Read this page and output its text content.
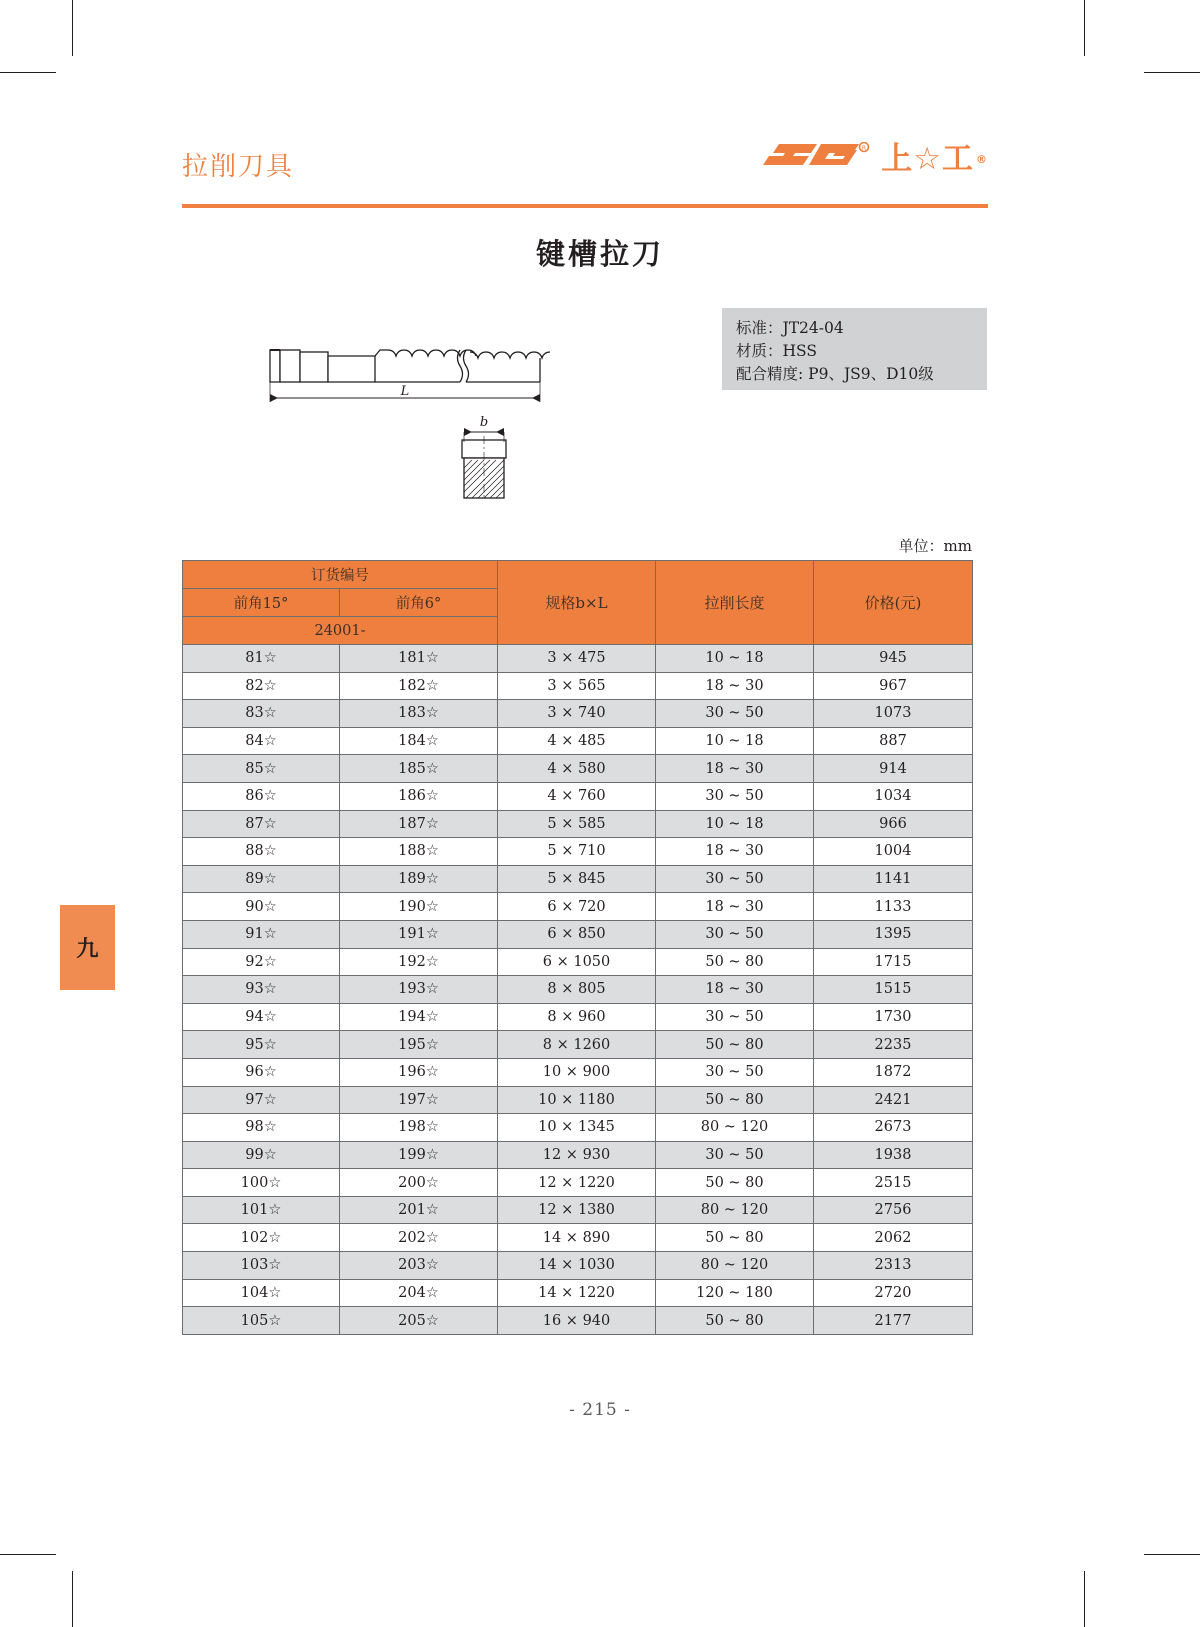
拉削刀具
R 上☆工 ®
键槽拉刀
L
b
标准：JT24-04
材质：HSS
配合精度: P9、JS9、D10级
单位：mm
订货编号		规格b×L	拉削长度	价格(元)
前角15°	前角6°			
24001-				
81☆	181☆	3 × 475	10 ~ 18	945
82☆	182☆	3 × 565	18 ~ 30	967
83☆	183☆	3 × 740	30 ~ 50	1073
84☆	184☆	4 × 485	10 ~ 18	887
85☆	185☆	4 × 580	18 ~ 30	914
86☆	186☆	4 × 760	30 ~ 50	1034
87☆	187☆	5 × 585	10 ~ 18	966
88☆	188☆	5 × 710	18 ~ 30	1004
89☆	189☆	5 × 845	30 ~ 50	1141
90☆	190☆	6 × 720	18 ~ 30	1133
91☆	191☆	6 × 850	30 ~ 50	1395
92☆	192☆	6 × 1050	50 ~ 80	1715
93☆	193☆	8 × 805	18 ~ 30	1515
94☆	194☆	8 × 960	30 ~ 50	1730
95☆	195☆	8 × 1260	50 ~ 80	2235
96☆	196☆	10 × 900	30 ~ 50	1872
97☆	197☆	10 × 1180	50 ~ 80	2421
98☆	198☆	10 × 1345	80 ~ 120	2673
99☆	199☆	12 × 930	30 ~ 50	1938
100☆	200☆	12 × 1220	50 ~ 80	2515
101☆	201☆	12 × 1380	80 ~ 120	2756
102☆	202☆	14 × 890	50 ~ 80	2062
103☆	203☆	14 × 1030	80 ~ 120	2313
104☆	204☆	14 × 1220	120 ~ 180	2720
105☆	205☆	16 × 940	50 ~ 80	2177
九
- 215 -
